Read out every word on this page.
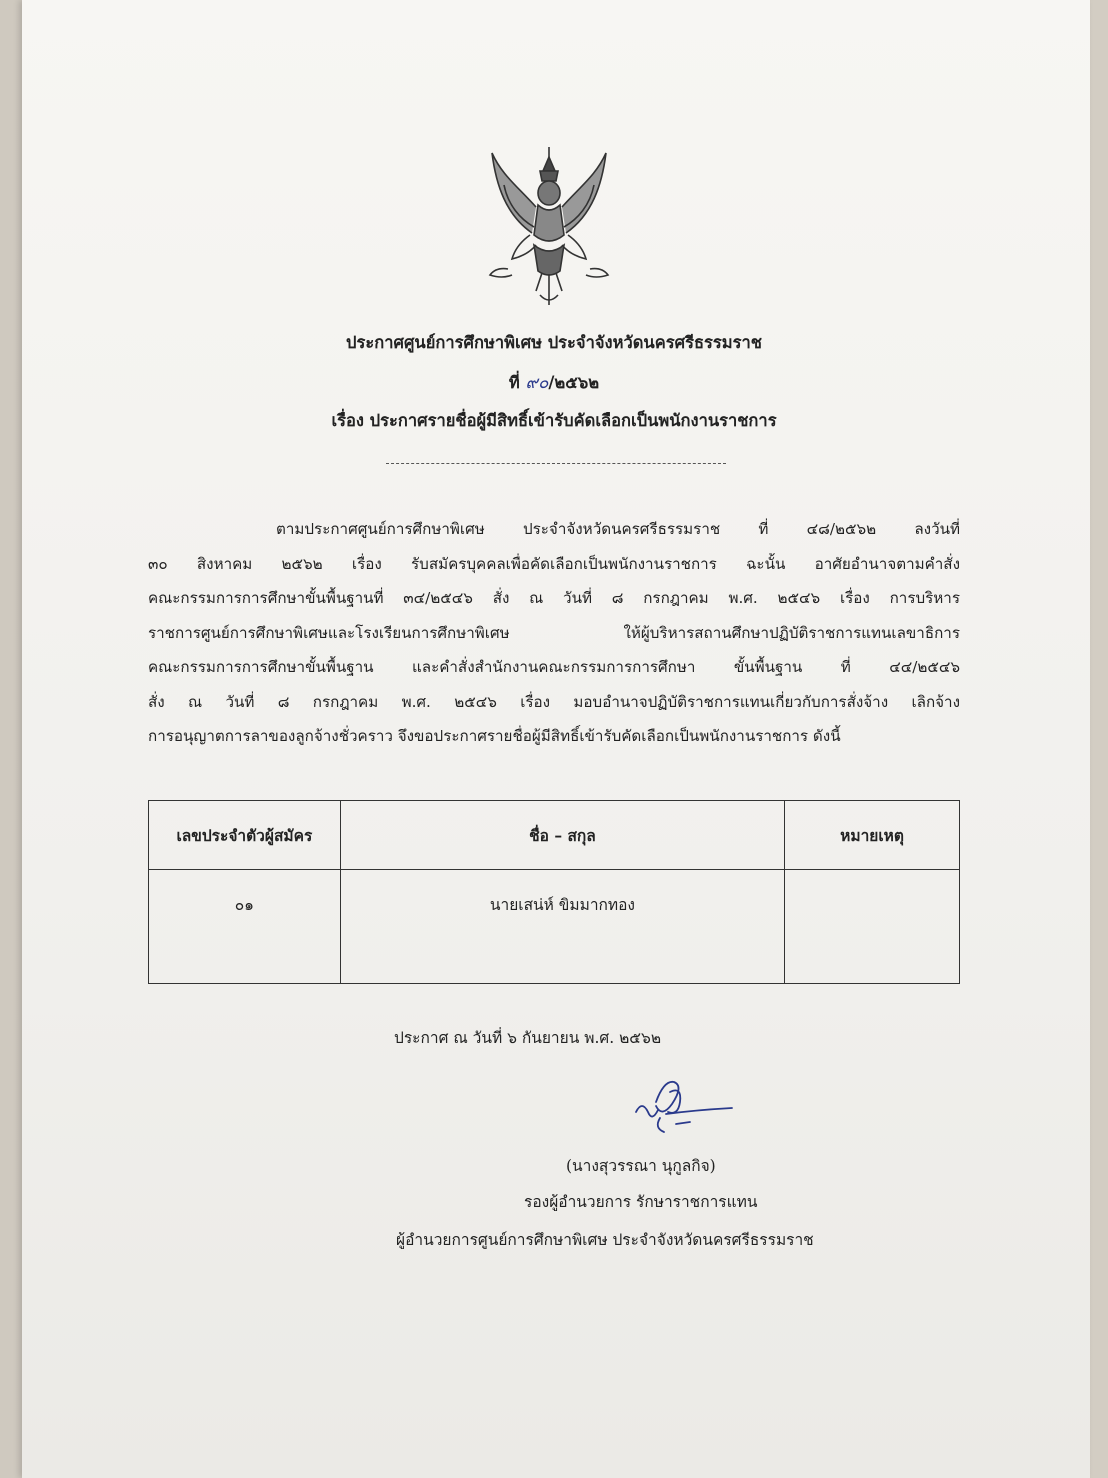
ประกาศศูนย์การศึกษาพิเศษ ประจำจังหวัดนครศรีธรรมราช
ที่ ๙๐/๒๕๖๒
เรื่อง ประกาศรายชื่อผู้มีสิทธิ์เข้ารับคัดเลือกเป็นพนักงานราชการ
ตามประกาศศูนย์การศึกษาพิเศษ ประจำจังหวัดนครศรีธรรมราช ที่ ๔๘/๒๕๖๒ ลงวันที่
๓๐ สิงหาคม ๒๕๖๒ เรื่อง รับสมัครบุคคลเพื่อคัดเลือกเป็นพนักงานราชการ ฉะนั้น อาศัยอำนาจตามคำสั่ง
คณะกรรมการการศึกษาขั้นพื้นฐานที่ ๓๔/๒๕๔๖ สั่ง ณ วันที่ ๘ กรกฎาคม พ.ศ. ๒๕๔๖ เรื่อง การบริหาร
ราชการศูนย์การศึกษาพิเศษและโรงเรียนการศึกษาพิเศษ ให้ผู้บริหารสถานศึกษาปฏิบัติราชการแทนเลขาธิการ
คณะกรรมการการศึกษาขั้นพื้นฐาน และคำสั่งสำนักงานคณะกรรมการการศึกษา ขั้นพื้นฐาน ที่ ๔๔/๒๕๔๖
สั่ง ณ วันที่ ๘ กรกฎาคม พ.ศ. ๒๕๔๖ เรื่อง มอบอำนาจปฏิบัติราชการแทนเกี่ยวกับการสั่งจ้าง เลิกจ้าง
การอนุญาตการลาของลูกจ้างชั่วคราว จึงขอประกาศรายชื่อผู้มีสิทธิ์เข้ารับคัดเลือกเป็นพนักงานราชการ ดังนี้
เลขประจำตัวผู้สมัคร	ชื่อ – สกุล	หมายเหตุ
๐๑	นายเสน่ห์ ขิมมากทอง	
ประกาศ ณ วันที่ ๖ กันยายน พ.ศ. ๒๕๖๒
(นางสุวรรณา นุกูลกิจ)
รองผู้อำนวยการ รักษาราชการแทน
ผู้อำนวยการศูนย์การศึกษาพิเศษ ประจำจังหวัดนครศรีธรรมราช
